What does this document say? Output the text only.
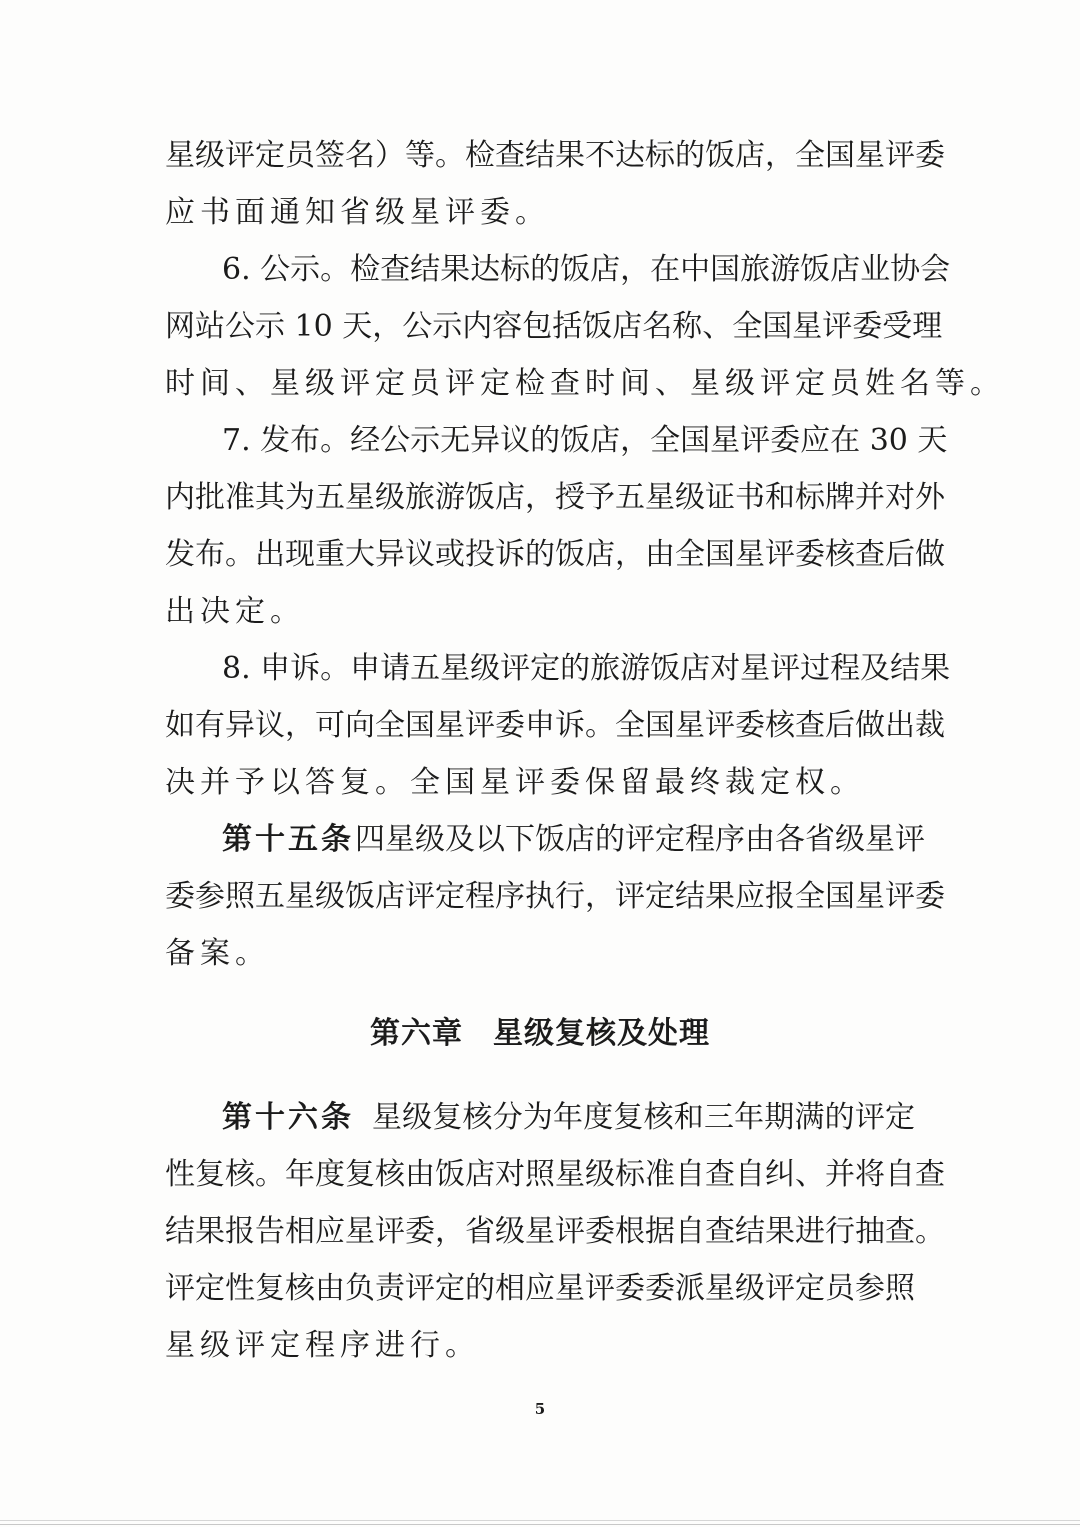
星级评定员签名）等。检查结果不达标的饭店，全国星评委
应书面通知省级星评委。
6. 公示。检查结果达标的饭店，在中国旅游饭店业协会
网站公示 10 天，公示内容包括饭店名称、全国星评委受理
时间、星级评定员评定检查时间、星级评定员姓名等。
7. 发布。经公示无异议的饭店，全国星评委应在 30 天
内批准其为五星级旅游饭店，授予五星级证书和标牌并对外
发布。出现重大异议或投诉的饭店，由全国星评委核查后做
出决定。
8. 申诉。申请五星级评定的旅游饭店对星评过程及结果
如有异议，可向全国星评委申诉。全国星评委核查后做出裁
决并予以答复。全国星评委保留最终裁定权。
第十五条 四星级及以下饭店的评定程序由各省级星评
委参照五星级饭店评定程序执行，评定结果应报全国星评委
备案。
第六章 星级复核及处理
第十六条 星级复核分为年度复核和三年期满的评定
性复核。年度复核由饭店对照星级标准自查自纠、并将自查
结果报告相应星评委，省级星评委根据自查结果进行抽查。
评定性复核由负责评定的相应星评委委派星级评定员参照
星级评定程序进行。
5
